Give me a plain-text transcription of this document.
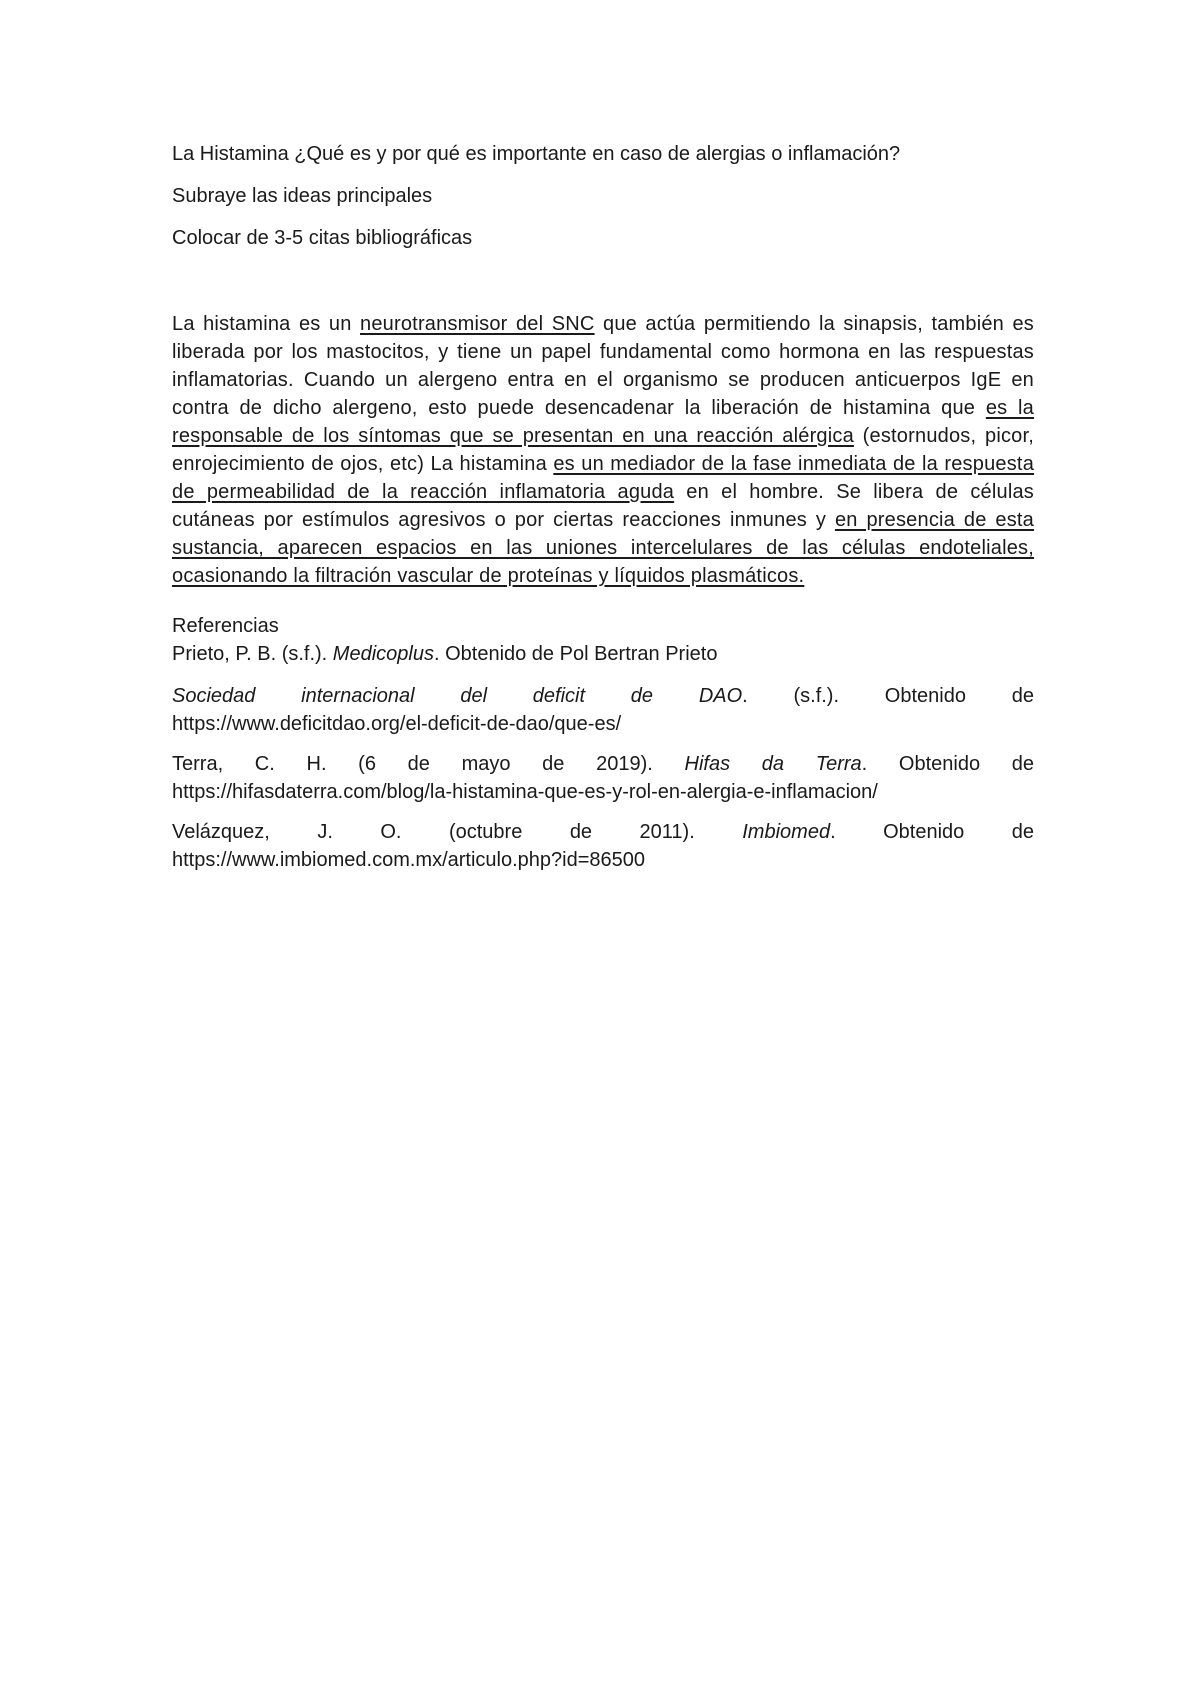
La Histamina ¿Qué es y por qué es importante en caso de alergias o inflamación?

Subraye las ideas principales

Colocar de 3-5 citas bibliográficas

La histamina es un neurotransmisor del SNC que actúa permitiendo la sinapsis, también es liberada por los mastocitos, y tiene un papel fundamental como hormona en las respuestas inflamatorias. Cuando un alergeno entra en el organismo se producen anticuerpos IgE en contra de dicho alergeno, esto puede desencadenar la liberación de histamina que es la responsable de los síntomas que se presentan en una reacción alérgica (estornudos, picor, enrojecimiento de ojos, etc) La histamina es un mediador de la fase inmediata de la respuesta de permeabilidad de la reacción inflamatoria aguda en el hombre. Se libera de células cutáneas por estímulos agresivos o por ciertas reacciones inmunes y en presencia de esta sustancia, aparecen espacios en las uniones intercelulares de las células endoteliales, ocasionando la filtración vascular de proteínas y líquidos plasmáticos.

Referencias

Prieto, P. B. (s.f.). Medicoplus. Obtenido de Pol Bertran Prieto

Sociedad internacional del deficit de DAO. (s.f.). Obtenido de
https://www.deficitdao.org/el-deficit-de-dao/que-es/

Terra, C. H. (6 de mayo de 2019). Hifas da Terra. Obtenido de
https://hifasdaterra.com/blog/la-histamina-que-es-y-rol-en-alergia-e-inflamacion/

Velázquez, J. O. (octubre de 2011). Imbiomed. Obtenido de
https://www.imbiomed.com.mx/articulo.php?id=86500
